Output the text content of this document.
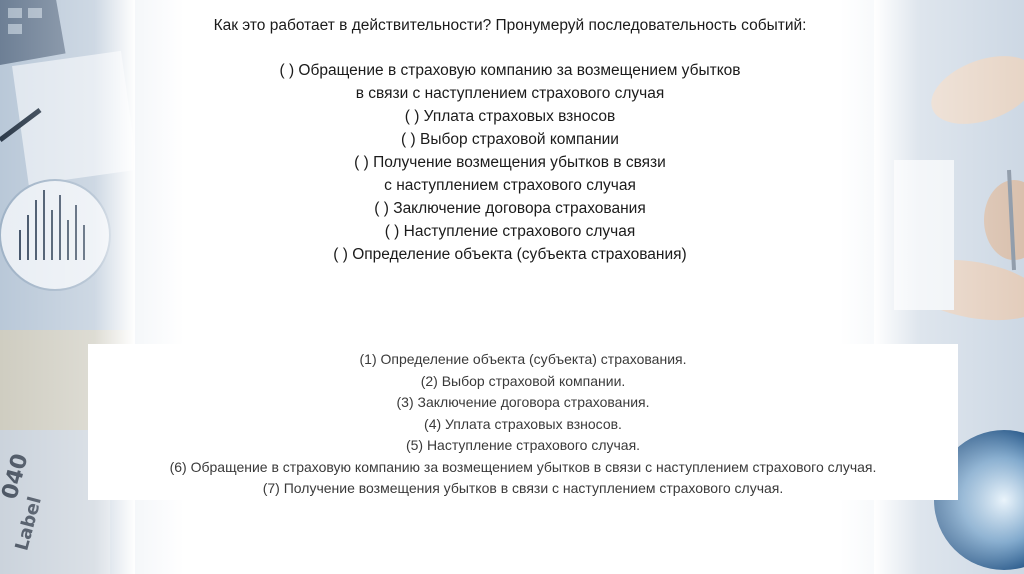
Как это работает в действительности? Пронумеруй последовательность событий:
( ) Обращение в страховую компанию за возмещением убытков
в связи с наступлением страхового случая
( ) Уплата страховых взносов
( ) Выбор страховой компании
( ) Получение возмещения убытков в связи
с наступлением страхового случая
( ) Заключение договора страхования
( ) Наступление страхового случая
( ) Определение объекта (субъекта страхования)
(1) Определение объекта (субъекта) страхования.
(2) Выбор страховой компании.
(3) Заключение договора страхования.
(4) Уплата страховых взносов.
(5) Наступление страхового случая.
(6) Обращение в страховую компанию за возмещением убытков в связи с наступлением страхового случая.
(7) Получение возмещения убытков в связи с наступлением страхового случая.
